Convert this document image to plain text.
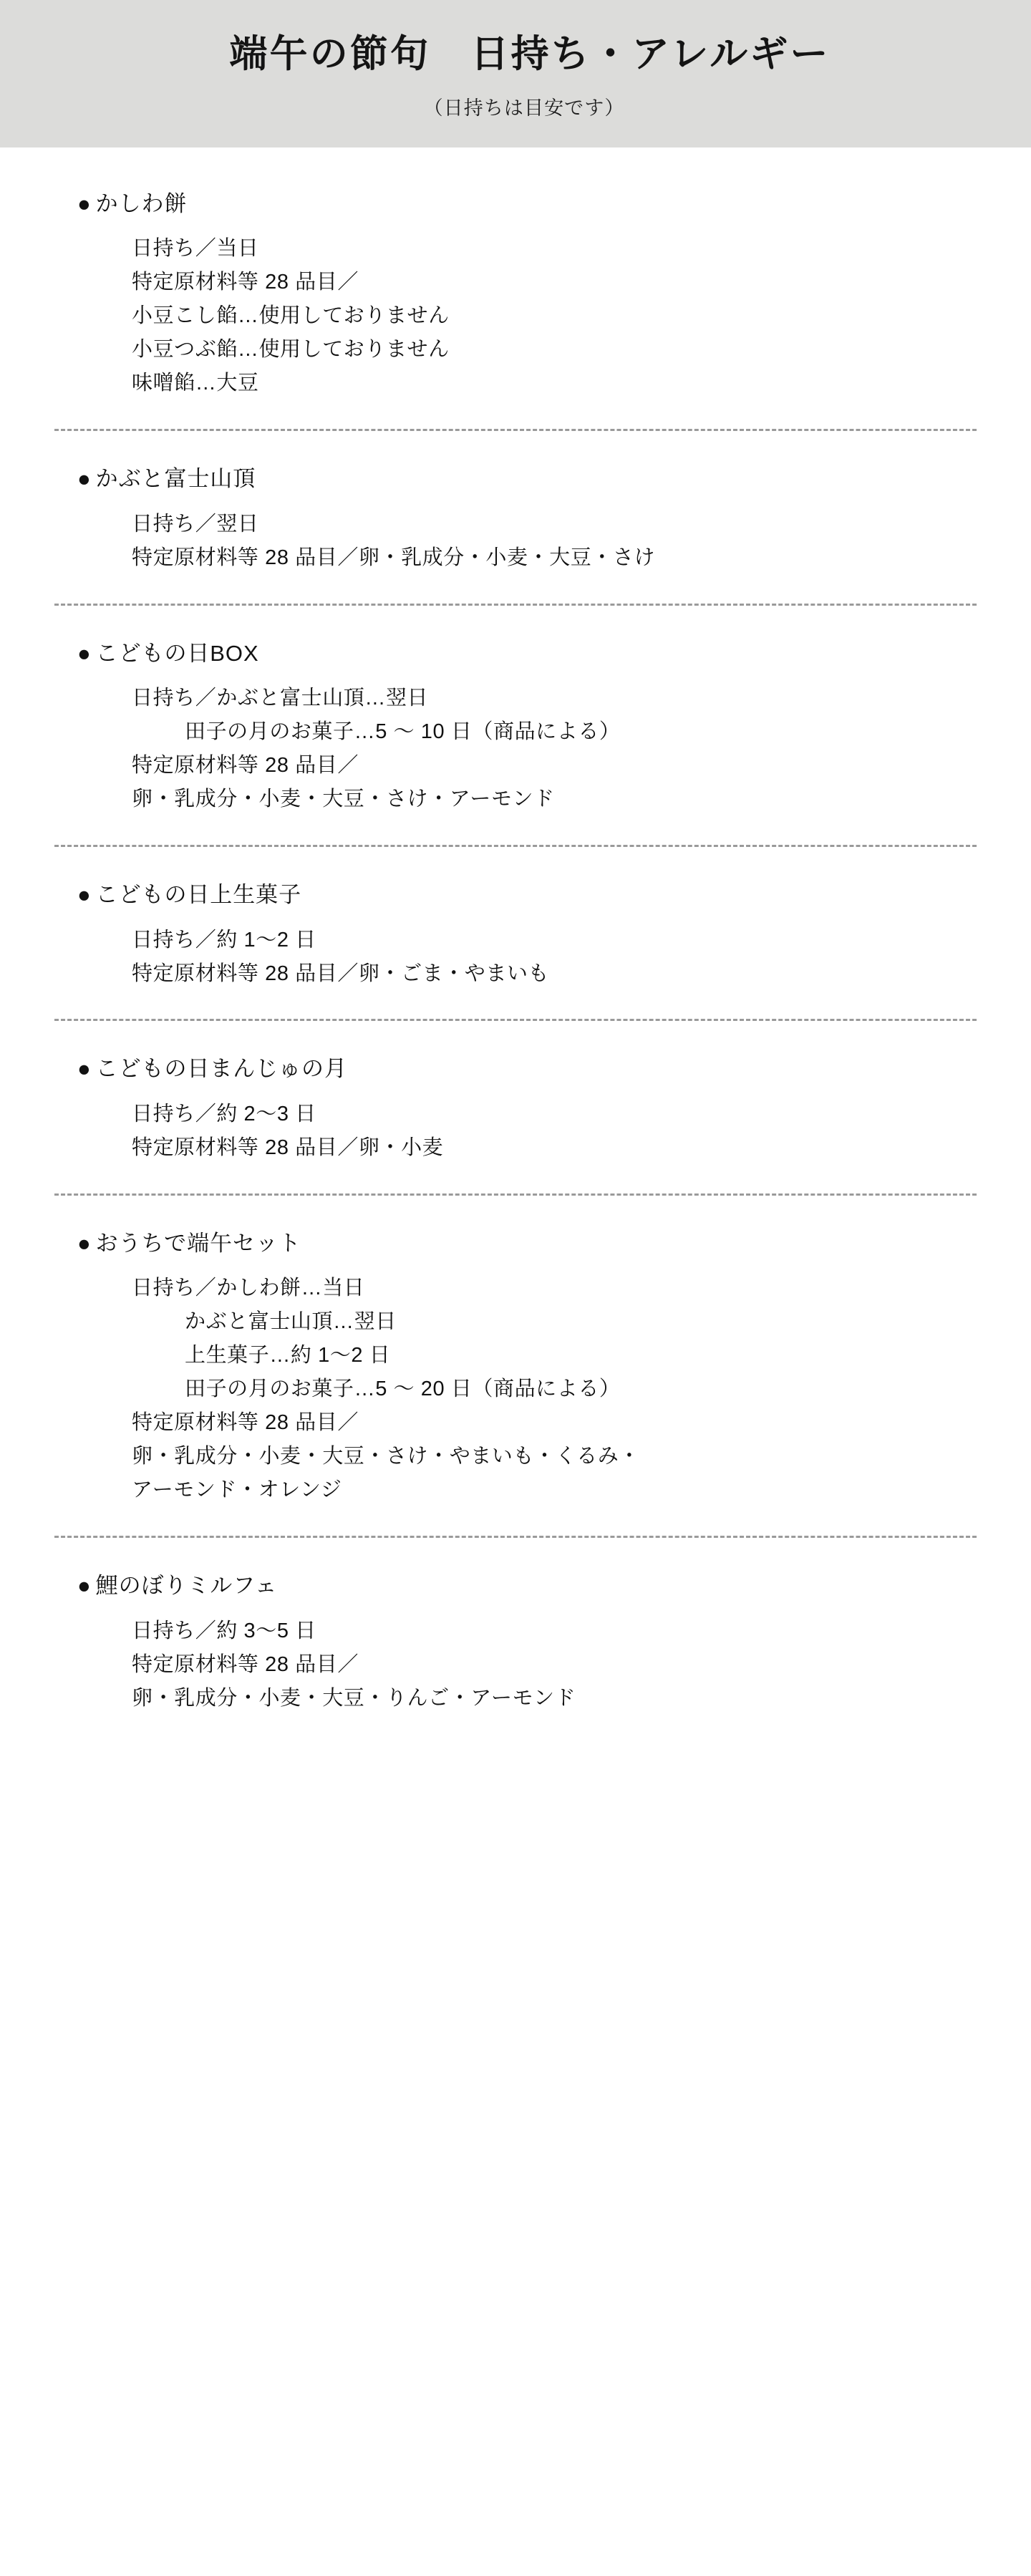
端午の節句　日持ち・アレルギー
（日持ちは目安です）
● かしわ餅
日持ち／当日
特定原材料等 28 品目／
小豆こし餡…使用しておりません
小豆つぶ餡…使用しておりません
味噌餡…大豆
● かぶと富士山頂
日持ち／翌日
特定原材料等 28 品目／卵・乳成分・小麦・大豆・さけ
● こどもの日BOX
日持ち／かぶと富士山頂…翌日
田子の月のお菓子…5 〜 10 日（商品による）
特定原材料等 28 品目／
卵・乳成分・小麦・大豆・さけ・アーモンド
● こどもの日上生菓子
日持ち／約 1〜2 日
特定原材料等 28 品目／卵・ごま・やまいも
● こどもの日まんじゅの月
日持ち／約 2〜3 日
特定原材料等 28 品目／卵・小麦
● おうちで端午セット
日持ち／かしわ餅…当日
かぶと富士山頂…翌日
上生菓子…約 1〜2 日
田子の月のお菓子…5 〜 20 日（商品による）
特定原材料等 28 品目／
卵・乳成分・小麦・大豆・さけ・やまいも・くるみ・
アーモンド・オレンジ
● 鯉のぼりミルフェ
日持ち／約 3〜5 日
特定原材料等 28 品目／
卵・乳成分・小麦・大豆・りんご・アーモンド
